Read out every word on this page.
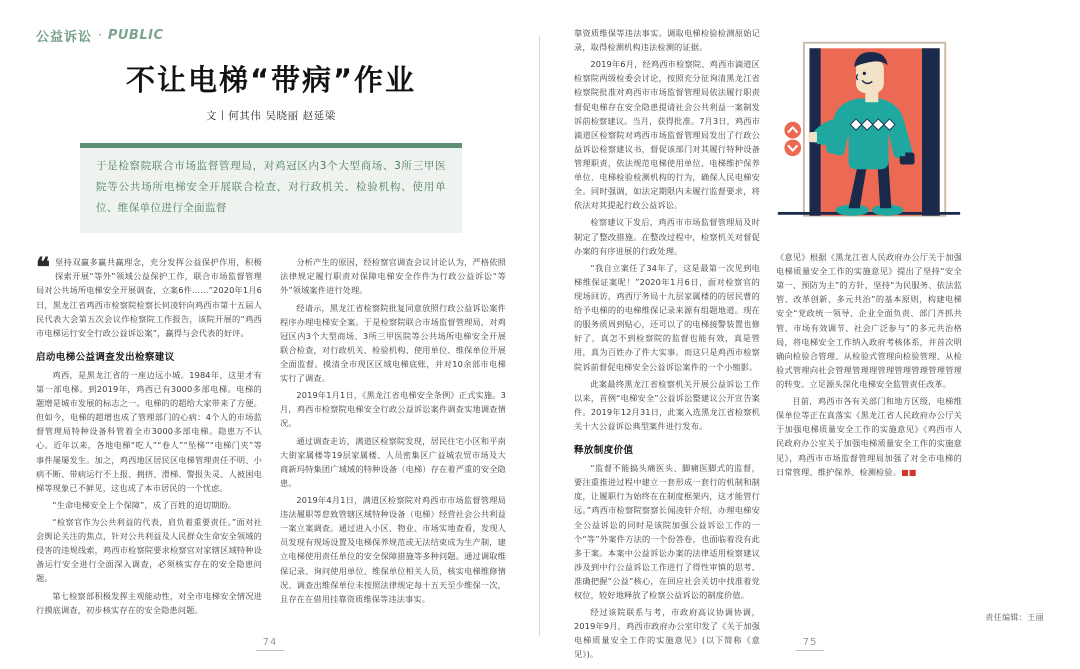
公益诉讼 · PUBLIC
不让电梯“带病”作业
文丨何其伟 吴晓丽 赵延梁
于是检察院联合市场监督管理局，对鸡冠区内3个大型商场、3所三甲医院等公共场所电梯安全开展联合检查，对行政机关、检验机构、使用单位、维保单位进行全面监督
❝ 坚持双赢多赢共赢理念，充分发挥公益保护作用，积极探索开展“等外”领域公益保护工作，联合市场监督管理局对公共场所电梯安全开展调查，立案6件……”2020年1月6日，黑龙江省鸡西市检察院检察长何凌轩向鸡西市第十五届人民代表大会第五次会议作检察院工作报告，该院开展的“鸡西市电梯运行安全行政公益诉讼案”，赢得与会代表的好评。

启动电梯公益调查发出检察建议

鸡西，是黑龙江省的一座边远小城。1984年，这里才有第一部电梯。到2019年，鸡西已有3000多部电梯。电梯的题增是城市发展的标志之一。电梯的的超给大家带来了方便。但如今，电梯的超增也成了管理部门的心病：4个人的市场监督管理局特种设备科管着全市3000多部电梯。隐患万不认心。近年以来，各地电梯“吃人”“卷人”“坠梯”“电梯门夹”等事件屡屡发生。加之，鸡西地区居民区电梯管理责任不明、小病不断、带病运行不上报、拥挤、滑梯、警报失灵、人被困电梯等现象已不鲜见，这也成了本市居民的一个忧虑。

“生命电梯安全上个保障”，成了百姓的迫切期盼。

“检察官作为公共利益的代表，肩负着重要责任。”面对社会舆论关注的焦点，针对公共利益及人民群众生命安全领域的侵害的违规线索，鸡西市检察院要求检察官对家辖区域特种设备运行安全进行全面深入调查，必须核实存在的安全隐患问题。

第七检察部积极发挥主观能动性，对全市电梯安全情况进行摸底调查，初步核实存在的安全隐患问题。

分析产生的原因，经检察官调查会议讨论认为，严格依照法律规定履行职责对保障电梯安全作件为行政公益诉讼“等外”领域案件进行处理。

经请示，黑龙江省检察院批复同意放照行政公益诉讼案件程序办理电梯安全案。于是检察院联合市场监督管理局，对鸡冠区内3个大型商场、3所三甲医院等公共场所电梯安全开展联合检查，对行政机关、检验机构、使用单位、维保单位开展全面监督。摸清全市现区区域电梯底账，并对10余部市电梯实行了调查。

2019年1月1日，《黑龙江省电梯安全条例》正式实施。3月，鸡西市检察院电梯安全行政公益诉讼案件调查实地调查情况。

通过调查走访，满道区检察院发现，居民住宅小区和平南大街家属楼等19层家属楼、人员密集区广益城农贸市场及大商新玛特集团广域域的特种设备（电梯）存在着严重的安全隐患。

2019年4月1日，满道区检察院对鸡西市市场监督管理局违法履职等怠致管辖区域特种设备（电梯）经营社会公共利益一案立案调查。通过进入小区、物业、市场实地查看，发现人员发现有现场设置及电梯保养规范或无法结束成为生产制，建立电梯使用责任单位的安全保障措施等多种问题。通过调取维保记录、询问使用单位、维保单位相关人员，核实电梯维修情况、调查出维保单位未按照法律规定每十五天至少维保一次，且存在在借用挂靠资质维保等违法事实。

74

靠资质维保等违法事实。调取电梯检验检测原始记录，取得检测机构违法检测的证据。

2019年6月，经鸡西市检察院、鸡西市滴道区检察院两级检委会讨论，按照充分征询清黑龙江省检察院批准对鸡西市市场监督管理局依法履行职责督促电梯存在安全隐患提请社会公共利益一案制发诉前检察建议。当月，获得批准。7月3日，鸡西市滴道区检察院对鸡西市场监督管理局发出了行政公益诉讼检察建议书，督促该部门对其履行特种设备管理职责，依法规范电梯使用单位、电梯维护保养单位、电梯检验检测机构的行为，确保人民电梯安全。同时强调，如法定期限内未履行监督要求，将依法对其提起行政公益诉讼。

检察建议下发后，鸡西市市场监督管理局及时制定了整改措施。在整改过程中，检察机关对督促办案的有序进展的行政处理。

“我自立案任了34年了，这是最第一次见到电梯维保证案呢！”2020年1月6日，面对检察官的现场回访，鸡西厅务局十九层家属楼的的居民曹的给予电梯的的电梯维保记录来源有组题地道。现在的服务质周到贴心，还可以了的电梯接警装置也修好了，真怎不到检察院的监督也能有效，真是管用，真为百姓办了件大实事。而这只是鸡西市检察院诉前督促电梯安全公益诉讼案件的一个小缩影。

此案最终黑龙江省检察机关开展公益诉讼工作以来，首例“电梯安全”公益诉讼整建议公开宣告案件。2019年12月31日，此案入选黑龙江省检察机关十大公益诉讼典型案件进行发布。

释放制度价值

“监督不能搞头痛医头、脚痛医脚式的监督，要注重推进过程中建立一套形成一套行的机制和制度，让履职行为始终在在制度框架内，这才能管行远。”鸡西市检察院察察长闻凌轩介绍，办理电梯安全公益诉讼的同时是该院加强公益诉讼工作的一个“等”外案件方法的一个份答卷，也面临着没有此多于案。本案中公益诉讼办案的法律适用检察建议涉及到中行公益诉讼工作进行了得性审慎的思考、准确把握“公益”核心，在回应社会关切中找准着党权位，较好地释放了检察公益诉讼的制度价值。

经过该院联系与考，市政府高议协调协调，2019年9月，鸡西市政府办公室印发了《关于加强电梯质量安全工作的实施意见》(以下简称《意见》)。

《意见》根据《黑龙江省人民政府办公厅关于加强电梯质量安全工作的实施意见》提出了坚持“安全第一、预防为主”的方针，坚持“为民服务、依法监管、改革创新、多元共治”的基本原则，构建电梯安全“党政统一领导、企业全面负责、部门齐抓共管、市场有效调节、社会广泛参与”的多元共治格局，将电梯安全工作纳入政府考核体系，并首次明确向检验合管理、从检验式管理向检验管理、从检验式管理向社会管理管理理管理管理管理管理管理的转变。立足源头深化电梯安全监管责任改革。

目前，鸡西市各有关部门和地方区级，电梯维保单位等正在真落实《黑龙江省人民政府办公厅关于加强电梯质量安全工作的实施意见》《鸡西市人民政府办公室关于加强电梯质量安全工作的实施意见》，鸡西市市场监督管理局加强了对全市电梯的日常管理、维护保养、检测检验。■■

责任编辑：王丽
75
